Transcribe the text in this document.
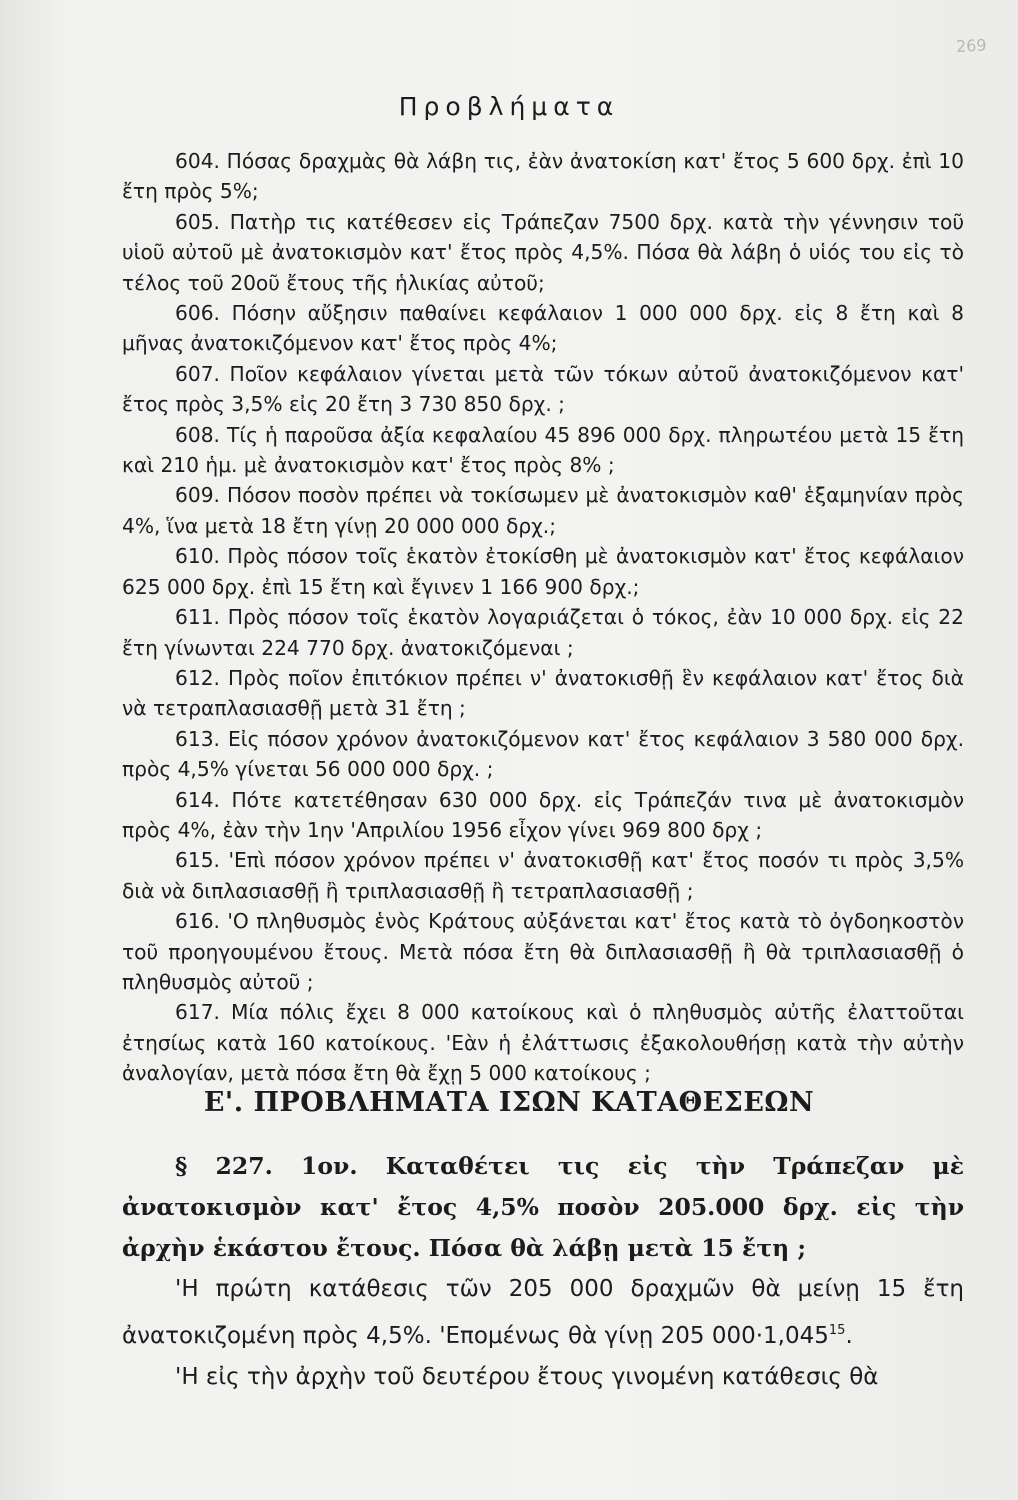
269
Προβλήματα

604. Πόσας δραχμὰς θὰ λάβη τις, ἐὰν ἀνατοκίση κατ' ἔτος 5 600 δρχ. ἐπὶ 10 ἔτη πρὸς 5%;

605. Πατὴρ τις κατέθεσεν εἰς Τράπεζαν 7500 δρχ. κατὰ τὴν γέννησιν τοῦ υἱοῦ αὐτοῦ μὲ ἀνατοκισμὸν κατ' ἔτος πρὸς 4,5%. Πόσα θὰ λάβη ὁ υἱός του εἰς τὸ τέλος τοῦ 20οῦ ἔτους τῆς ἡλικίας αὐτοῦ;

606. Πόσην αὔξησιν παθαίνει κεφάλαιον 1 000 000 δρχ. εἰς 8 ἔτη καὶ 8 μῆνας ἀνατοκιζόμενον κατ' ἔτος πρὸς 4%;

607. Ποῖον κεφάλαιον γίνεται μετὰ τῶν τόκων αὐτοῦ ἀνατοκιζόμενον κατ' ἔτος πρὸς 3,5% εἰς 20 ἔτη 3 730 850 δρχ. ;

608. Τίς ἡ παροῦσα ἀξία κεφαλαίου 45 896 000 δρχ. πληρωτέου μετὰ 15 ἔτη καὶ 210 ἡμ. μὲ ἀνατοκισμὸν κατ' ἔτος πρὸς 8% ;

609. Πόσον ποσὸν πρέπει νὰ τοκίσωμεν μὲ ἀνατοκισμὸν καθ' ἑξαμηνίαν πρὸς 4%, ἵνα μετὰ 18 ἔτη γίνῃ 20 000 000 δρχ.;

610. Πρὸς πόσον τοῖς ἑκατὸν ἐτοκίσθη μὲ ἀνατοκισμὸν κατ' ἔτος κεφάλαιον 625 000 δρχ. ἐπὶ 15 ἔτη καὶ ἔγινεν 1 166 900 δρχ.;

611. Πρὸς πόσον τοῖς ἑκατὸν λογαριάζεται ὁ τόκος, ἐὰν 10 000 δρχ. εἰς 22 ἔτη γίνωνται 224 770 δρχ. ἀνατοκιζόμεναι ;

612. Πρὸς ποῖον ἐπιτόκιον πρέπει ν' ἀνατοκισθῇ ἓν κεφάλαιον κατ' ἔτος διὰ νὰ τετραπλασιασθῇ μετὰ 31 ἔτη ;

613. Εἰς πόσον χρόνον ἀνατοκιζόμενον κατ' ἔτος κεφάλαιον 3 580 000 δρχ. πρὸς 4,5% γίνεται 56 000 000 δρχ. ;

614. Πότε κατετέθησαν 630 000 δρχ. εἰς Τράπεζάν τινα μὲ ἀνατοκισμὸν πρὸς 4%, ἐὰν τὴν 1ην 'Απριλίου 1956 εἶχον γίνει 969 800 δρχ ;

615. 'Επὶ πόσον χρόνον πρέπει ν' ἀνατοκισθῇ κατ' ἔτος ποσόν τι πρὸς 3,5% διὰ νὰ διπλασιασθῇ ἢ τριπλασιασθῇ ἢ τετραπλασιασθῇ ;

616. 'Ο πληθυσμὸς ἑνὸς Κράτους αὐξάνεται κατ' ἔτος κατὰ τὸ ὀγδοηκοστὸν τοῦ προηγουμένου ἔτους. Μετὰ πόσα ἔτη θὰ διπλασιασθῇ ἢ θὰ τριπλασιασθῇ ὁ πληθυσμὸς αὐτοῦ ;

617. Μία πόλις ἔχει 8 000 κατοίκους καὶ ὁ πληθυσμὸς αὐτῆς ἐλαττοῦται ἐτησίως κατὰ 160 κατοίκους. 'Εὰν ἡ ἐλάττωσις ἐξακολουθήσῃ κατὰ τὴν αὐτὴν ἀναλογίαν, μετὰ πόσα ἔτη θὰ ἔχῃ 5 000 κατοίκους ;

Ε'. ΠΡΟΒΛΗΜΑΤΑ ΙΣΩΝ ΚΑΤΑΘΕΣΕΩΝ

§ 227. 1ον. Καταθέτει τις εἰς τὴν Τράπεζαν μὲ ἀνατοκισμὸν κατ' ἔτος 4,5% ποσὸν 205.000 δρχ. εἰς τὴν ἀρχὴν ἑκάστου ἔτους. Πόσα θὰ λάβῃ μετὰ 15 ἔτη ;

'Η πρώτη κατάθεσις τῶν 205 000 δραχμῶν θὰ μείνῃ 15 ἔτη ἀνατοκιζομένη πρὸς 4,5%. 'Επομένως θὰ γίνῃ 205 $000\cdot 1,045^{15}$.

'Η εἰς τὴν ἀρχὴν τοῦ δευτέρου ἔτους γινομένη κατάθεσις θὰ
